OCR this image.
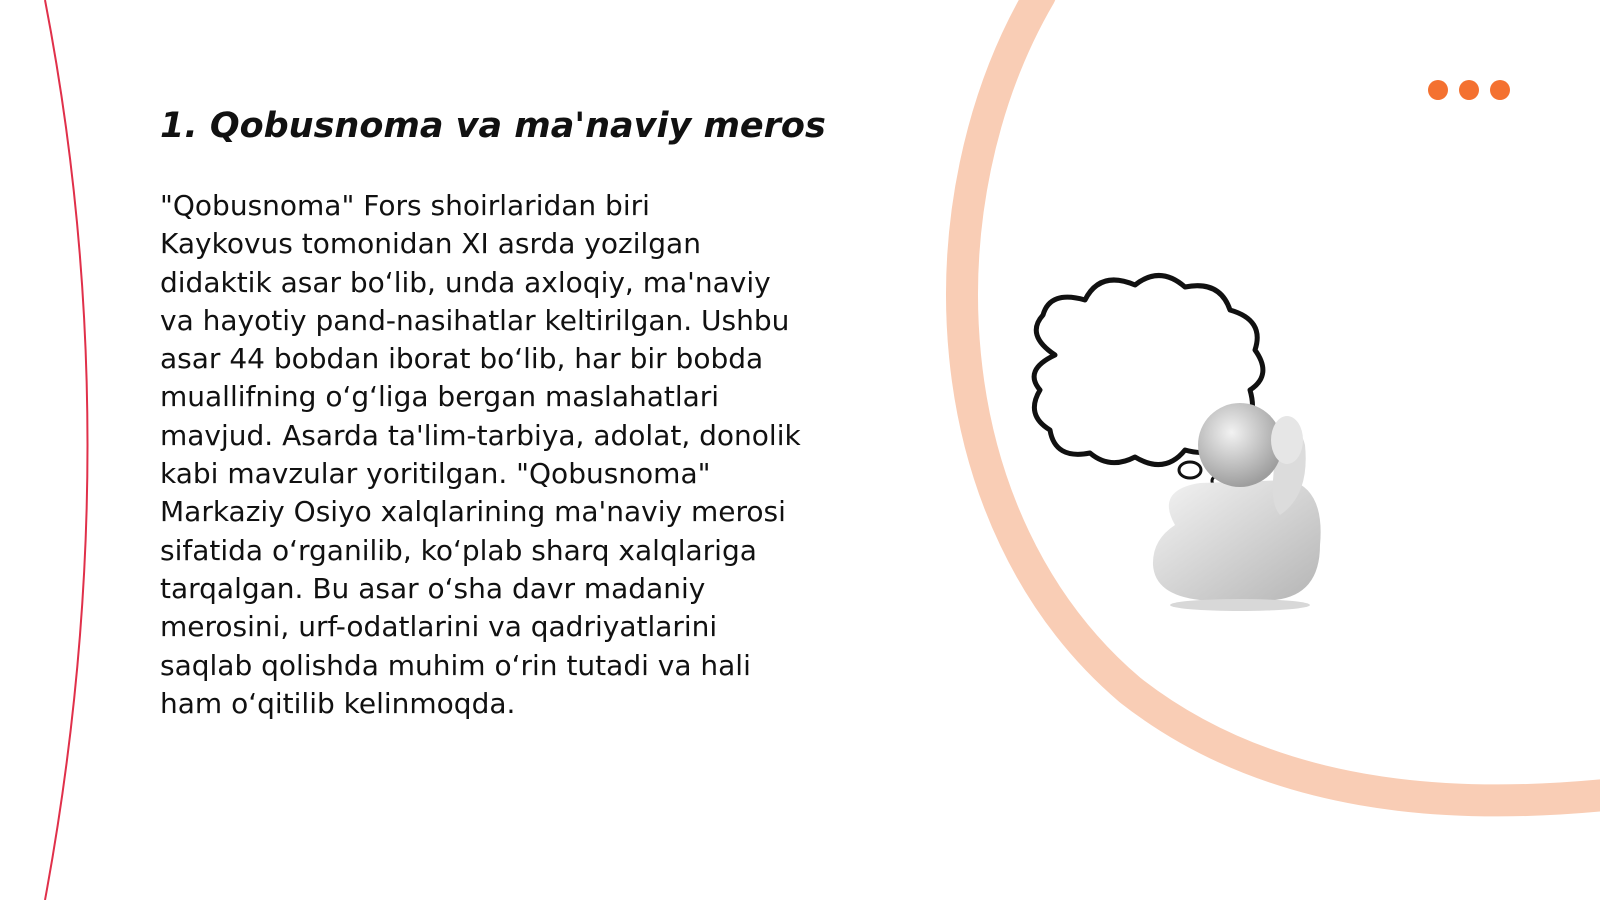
1. Qobusnoma va ma'naviy meros

"Qobusnoma" Fors shoirlaridan biri
Kaykovus tomonidan XI asrda yozilgan
didaktik asar bo‘lib, unda axloqiy, ma'naviy
va hayotiy pand-nasihatlar keltirilgan. Ushbu
asar 44 bobdan iborat bo‘lib, har bir bobda
muallifning o‘g‘liga bergan maslahatlari
mavjud. Asarda ta'lim-tarbiya, adolat, donolik
kabi mavzular yoritilgan. "Qobusnoma"
Markaziy Osiyo xalqlarining ma'naviy merosi
sifatida o‘rganilib, ko‘plab sharq xalqlariga
tarqalgan. Bu asar o‘sha davr madaniy
merosini, urf-odatlarini va qadriyatlarini
saqlab qolishda muhim o‘rin tutadi va hali
ham o‘qitilib kelinmoqda.
